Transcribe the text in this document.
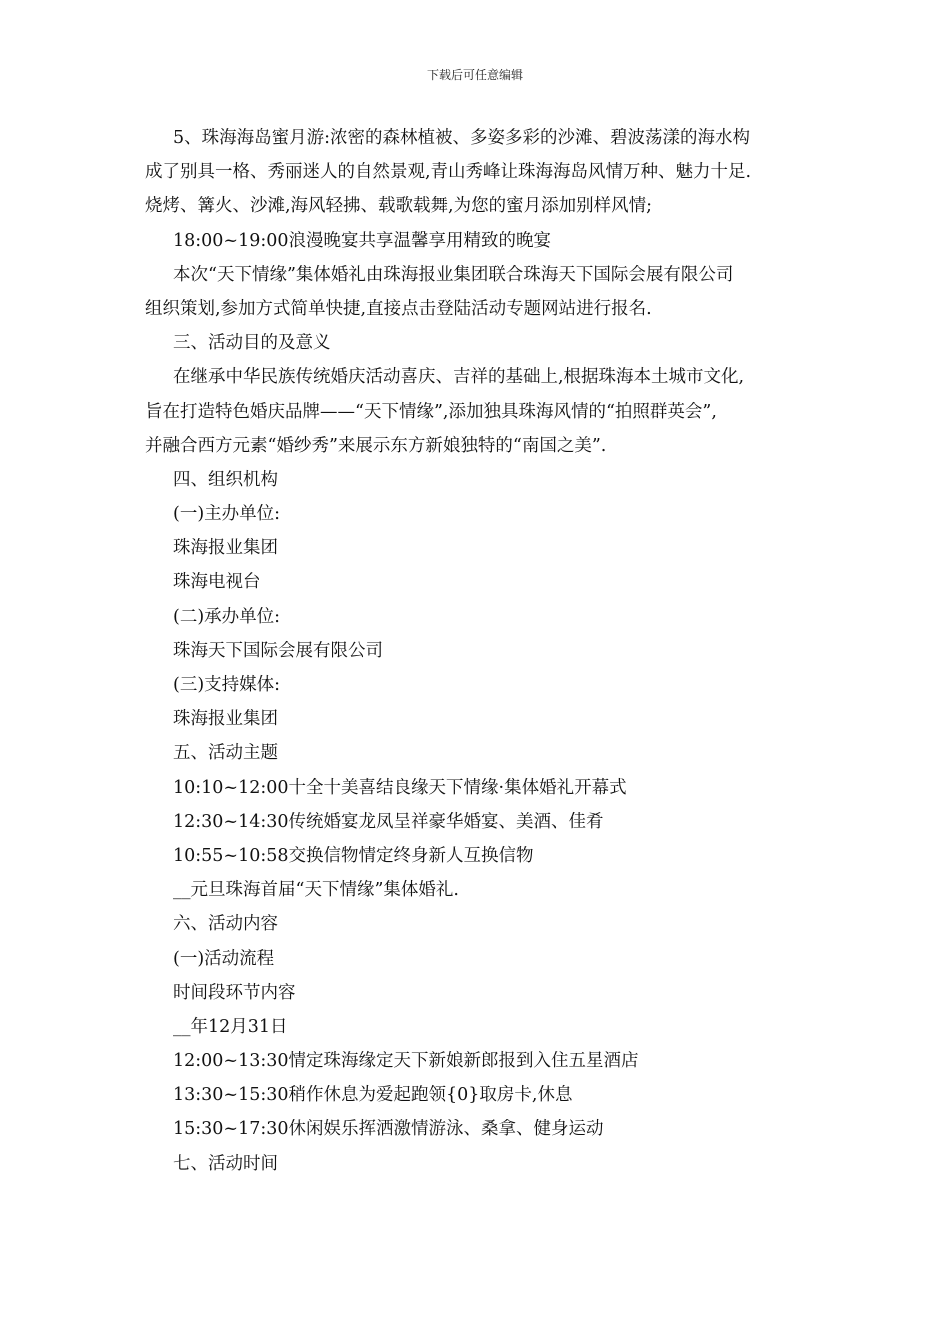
下载后可任意编辑
5、珠海海岛蜜月游:浓密的森林植被、多姿多彩的沙滩、碧波荡漾的海水构
成了别具一格、秀丽迷人的自然景观,青山秀峰让珠海海岛风情万种、魅力十足.
烧烤、篝火、沙滩,海风轻拂、载歌载舞,为您的蜜月添加别样风情;
18:00~19:00浪漫晚宴共享温馨享用精致的晚宴
本次“天下情缘”集体婚礼由珠海报业集团联合珠海天下国际会展有限公司
组织策划,参加方式简单快捷,直接点击登陆活动专题网站进行报名.
三、活动目的及意义
在继承中华民族传统婚庆活动喜庆、吉祥的基础上,根据珠海本土城市文化,
旨在打造特色婚庆品牌——“天下情缘”,添加独具珠海风情的“拍照群英会”,
并融合西方元素“婚纱秀”来展示东方新娘独特的“南国之美”.
四、组织机构
(一)主办单位:
珠海报业集团
珠海电视台
(二)承办单位:
珠海天下国际会展有限公司
(三)支持媒体:
珠海报业集团
五、活动主题
10:10~12:00十全十美喜结良缘天下情缘·集体婚礼开幕式
12:30~14:30传统婚宴龙凤呈祥豪华婚宴、美酒、佳肴
10:55~10:58交换信物情定终身新人互换信物
__元旦珠海首届“天下情缘”集体婚礼.
六、活动内容
(一)活动流程
时间段环节内容
__年12月31日
12:00~13:30情定珠海缘定天下新娘新郎报到入住五星酒店
13:30~15:30稍作休息为爱起跑领{0}取房卡,休息
15:30~17:30休闲娱乐挥洒激情游泳、桑拿、健身运动
七、活动时间
